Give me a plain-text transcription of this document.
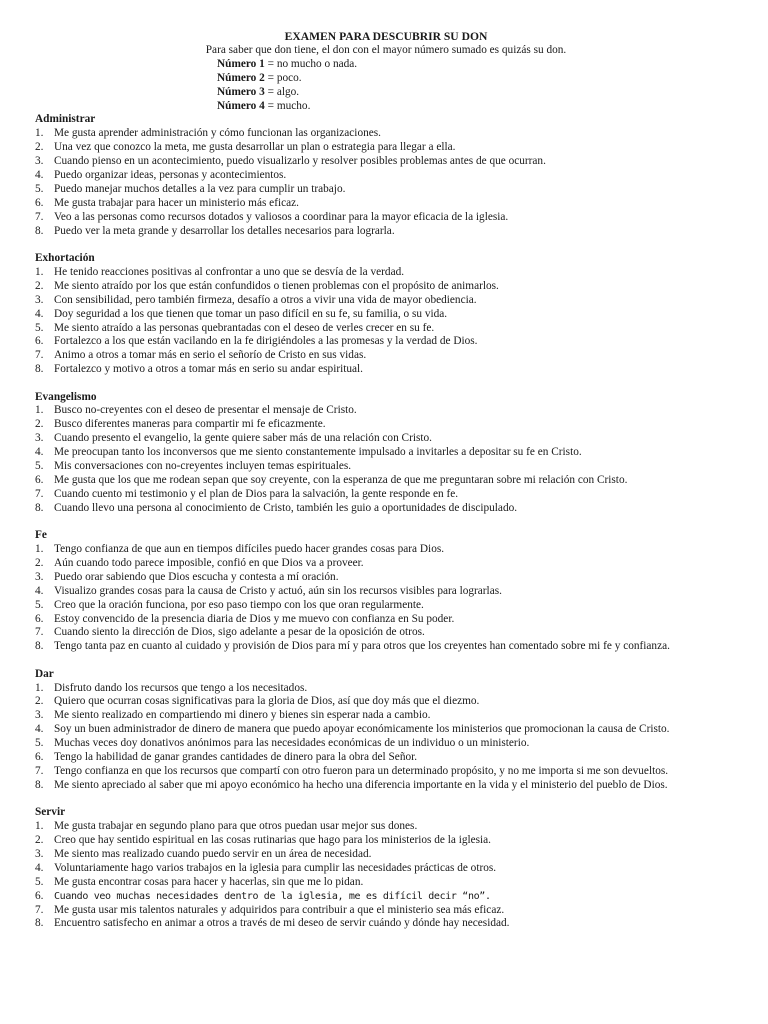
EXAMEN PARA DESCUBRIR SU DON
Para saber que don tiene, el don con el mayor número sumado es quizás su don.
Número 1 = no mucho o nada.
Número 2 = poco.
Número 3 = algo.
Número 4 = mucho.
Administrar
1. Me gusta aprender administración y cómo funcionan las organizaciones.
2. Una vez que conozco la meta, me gusta desarrollar un plan o estrategia para llegar a ella.
3. Cuando pienso en un acontecimiento, puedo visualizarlo y resolver posibles problemas antes de que ocurran.
4. Puedo organizar ideas, personas y acontecimientos.
5. Puedo manejar muchos detalles a la vez para cumplir un trabajo.
6. Me gusta trabajar para hacer un ministerio más eficaz.
7. Veo a las personas como recursos dotados y valiosos a coordinar para la mayor eficacia de la iglesia.
8. Puedo ver la meta grande y desarrollar los detalles necesarios para lograrla.
Exhortación
1. He tenido reacciones positivas al confrontar a uno que se desvía de la verdad.
2. Me siento atraído por los que están confundidos o tienen problemas con el propósito de animarlos.
3. Con sensibilidad, pero también firmeza, desafío a otros a vivir una vida de mayor obediencia.
4. Doy seguridad a los que tienen que tomar un paso difícil en su fe, su familia, o su vida.
5. Me siento atraído a las personas quebrantadas con el deseo de verles crecer en su fe.
6. Fortalezco a los que están vacilando en la fe dirigiéndoles a las promesas y la verdad de Dios.
7. Animo a otros a tomar más en serio el señorío de Cristo en sus vidas.
8. Fortalezco y motivo a otros a tomar más en serio su andar espiritual.
Evangelismo
1. Busco no-creyentes con el deseo de presentar el mensaje de Cristo.
2. Busco diferentes maneras para compartir mi fe eficazmente.
3. Cuando presento el evangelio, la gente quiere saber más de una relación con Cristo.
4. Me preocupan tanto los inconversos que me siento constantemente impulsado a invitarles a depositar su fe en Cristo.
5. Mis conversaciones con no-creyentes incluyen temas espirituales.
6. Me gusta que los que me rodean sepan que soy creyente, con la esperanza de que me preguntaran sobre mi relación con Cristo.
7. Cuando cuento mi testimonio y el plan de Dios para la salvación, la gente responde en fe.
8. Cuando llevo una persona al conocimiento de Cristo, también les guio a oportunidades de discipulado.
Fe
1. Tengo confianza de que aun en tiempos difíciles puedo hacer grandes cosas para Dios.
2. Aún cuando todo parece imposible, confió en que Dios va a proveer.
3. Puedo orar sabiendo que Dios escucha y contesta a mí oración.
4. Visualizo grandes cosas para la causa de Cristo y actuó, aún sin los recursos visibles para lograrlas.
5. Creo que la oración funciona, por eso paso tiempo con los que oran regularmente.
6. Estoy convencido de la presencia diaria de Dios y me muevo con confianza en Su poder.
7. Cuando siento la dirección de Dios, sigo adelante a pesar de la oposición de otros.
8. Tengo tanta paz en cuanto al cuidado y provisión de Dios para mí y para otros que los creyentes han comentado sobre mi fe y confianza.
Dar
1. Disfruto dando los recursos que tengo a los necesitados.
2. Quiero que ocurran cosas significativas para la gloria de Dios, así que doy más que el diezmo.
3. Me siento realizado en compartiendo mi dinero y bienes sin esperar nada a cambio.
4. Soy un buen administrador de dinero de manera que puedo apoyar económicamente los ministerios que promocionan la causa de Cristo.
5. Muchas veces doy donativos anónimos para las necesidades económicas de un individuo o un ministerio.
6. Tengo la habilidad de ganar grandes cantidades de dinero para la obra del Señor.
7. Tengo confianza en que los recursos que compartí con otro fueron para un determinado propósito, y no me importa si me son devueltos.
8. Me siento apreciado al saber que mi apoyo económico ha hecho una diferencia importante en la vida y el ministerio del pueblo de Dios.
Servir
1. Me gusta trabajar en segundo plano para que otros puedan usar mejor sus dones.
2. Creo que hay sentido espiritual en las cosas rutinarias que hago para los ministerios de la iglesia.
3. Me siento mas realizado cuando puedo servir en un área de necesidad.
4. Voluntariamente hago varios trabajos en la iglesia para cumplir las necesidades prácticas de otros.
5. Me gusta encontrar cosas para hacer y hacerlas, sin que me lo pidan.
6.	Cuando veo muchas necesidades dentro de la iglesia, me es difícil decir “no”.
7. Me gusta usar mis talentos naturales y adquiridos para contribuir a que el ministerio sea más eficaz.
8. Encuentro satisfecho en animar a otros a través de mi deseo de servir cuándo y dónde hay necesidad.
